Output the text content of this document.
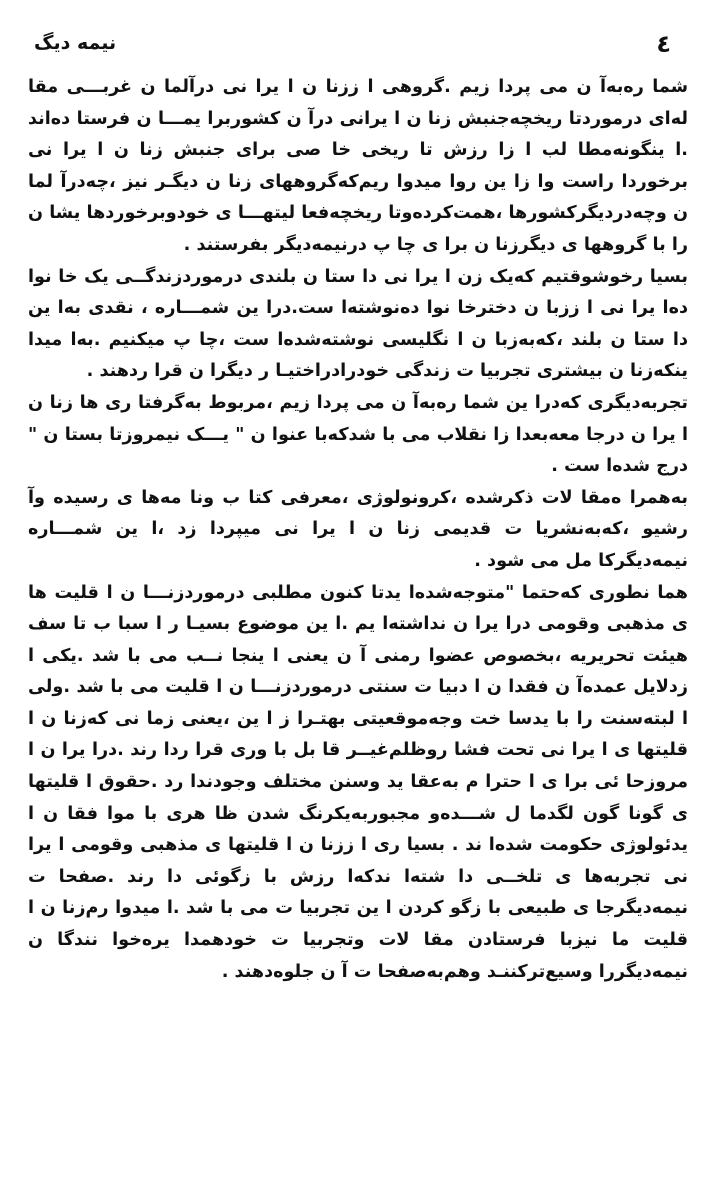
نیمه دیگ	٤

شما ره‌به‌آ ن می پردا زیم .گروهی ا ززنا ن ا یرا نی درآلما ن غربـــی مقا له‌ای درموردتا ریخچه‌جنبش زنا ن ا یرانی درآ ن کشوربرا یمـــا ن فرستا ده‌اند .ا ینگونه‌مطا لب ا زا رزش تا ریخی خا صی برای جنبش زنا ن ا یرا نی برخوردا راست وا زا ین روا میدوا ریم‌که‌گروههای زنا ن دیگـر نیز ،چه‌درآ لما ن وچه‌دردیگرکشورها ،همت‌کرده‌وتا ریخچه‌فعا لیتهـــا ی خودوبرخوردها یشا ن را با گروهها ی دیگرزنا ن برا ی چا پ درنیمه‌دیگر بفرستند .

بسیا رخوشوقتیم که‌یک زن ا یرا نی دا ستا ن بلندی درموردزندگــی یک خا نوا ده‌ا یرا نی ا ززبا ن دخترخا نوا ده‌نوشته‌ا ست.درا ین شمـــاره ، نقدی به‌ا ین دا ستا ن بلند ،که‌به‌زبا ن ا نگلیسی نوشته‌شده‌ا ست ،چا پ میکنیم .به‌ا میدا ینکه‌زنا ن بیشتری تجربیا ت زندگی خودرادراختیـا ر دیگرا ن قرا ردهند .

تجربه‌دیگری که‌درا ین شما ره‌به‌آ ن می پردا زیم ،مربوط به‌گرفتا ری ها زنا ن ا یرا ن درجا معه‌بعدا زا نقلاب می با شدکه‌با عنوا ن " یـــک نیمروزتا بستا ن " درج شده‌ا ست .

به‌همرا ه‌مقا لات ذکرشده ،کرونولوژی ،معرفی کتا ب ونا مه‌ها ی رسیده وآ رشیو ،که‌به‌نشریا ت قدیمی زنا ن ا یرا نی میپردا زد ،ا ین شمـــاره نیمه‌دیگرکا مل می شود .

هما نطوری که‌حتما "متوجه‌شده‌ا یدتا کنون مطلبی درموردزنـــا ن ا قلیت ها ی مذهبی وقومی درا یرا ن نداشته‌ا یم .ا ین موضوع بسیـا ر ا سبا ب تا سف هیئت تحریریه ،بخصوص عضوا رمنی آ ن یعنی ا ینجا نــب می با شد .یکی ا زدلایل عمده‌آ ن فقدا ن ا دبیا ت سنتی درموردزنـــا ن ا قلیت می با شد .ولی ا لبته‌سنت را با یدسا خت وجه‌موقعیتی بهتـرا ز ا ین ،یعنی زما نی که‌زنا ن ا قلیتها ی ا یرا نی تحت فشا روظلم‌غیــر قا بل با وری قرا ردا رند .درا یرا ن ا مروزحا ئی برا ی ا حترا م به‌عقا ید وسنن مختلف وجودندا رد .حقوق ا قلیتها ی گونا گون لگدما ل شـــده‌و مجبوربه‌یکرنگ شدن ظا هری با موا فقا ن ا یدئولوژی حکومت شده‌ا ند . بسیا ری ا ززنا ن ا قلیتها ی مذهبی وقومی ا یرا نی تجربه‌ها ی تلخــی دا شته‌ا ندکه‌ا رزش با زگوئی دا رند .صفحا ت نیمه‌دیگرجا ی طبیعی با زگو کردن ا ین تجربیا ت می با شد .ا میدوا رم‌زنا ن ا قلیت ما نیزبا فرستادن مقا لات وتجربیا ت خودهمدا یره‌خوا نندگا ن نیمه‌دیگررا وسیع‌ترکننـد وهم‌به‌صفحا ت آ ن جلوه‌دهند .
